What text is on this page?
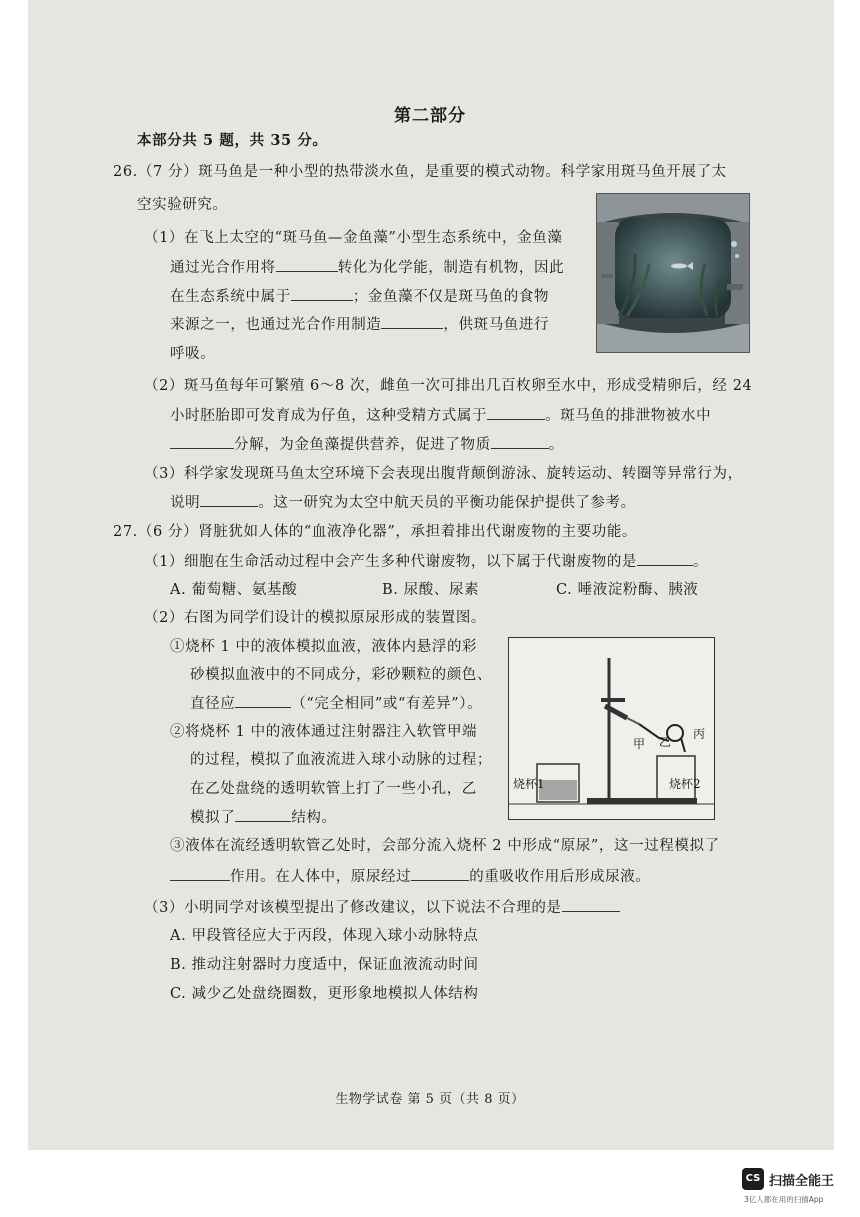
第二部分
本部分共 5 题，共 35 分。
26.（7 分）斑马鱼是一种小型的热带淡水鱼，是重要的模式动物。科学家用斑马鱼开展了太
空实验研究。
（1）在飞上太空的“斑马鱼—金鱼藻”小型生态系统中，金鱼藻
通过光合作用将	转化为化学能，制造有机物，因此
在生态系统中属于	；金鱼藻不仅是斑马鱼的食物
来源之一，也通过光合作用制造	，供斑马鱼进行
呼吸。
（2）斑马鱼每年可繁殖 6～8 次，雌鱼一次可排出几百枚卵至水中，形成受精卵后，经 24
小时胚胎即可发育成为仔鱼，这种受精方式属于	。斑马鱼的排泄物被水中
分解，为金鱼藻提供营养，促进了物质	。
（3）科学家发现斑马鱼太空环境下会表现出腹背颠倒游泳、旋转运动、转圈等异常行为，
说明	。这一研究为太空中航天员的平衡功能保护提供了参考。
27.（6 分）肾脏犹如人体的“血液净化器”，承担着排出代谢废物的主要功能。
（1）细胞在生命活动过程中会产生多种代谢废物，以下属于代谢废物的是	。
A. 葡萄糖、氨基酸	B. 尿酸、尿素	C. 唾液淀粉酶、胰液
（2）右图为同学们设计的模拟原尿形成的装置图。
①烧杯 1 中的液体模拟血液，液体内悬浮的彩
砂模拟血液中的不同成分，彩砂颗粒的颜色、
直径应	（“完全相同”或“有差异”）。
②将烧杯 1 中的液体通过注射器注入软管甲端
的过程，模拟了血液流进入球小动脉的过程；
在乙处盘绕的透明软管上打了一些小孔，乙
模拟了	结构。
甲 乙
丙
烧杯1	烧杯2
③液体在流经透明软管乙处时，会部分流入烧杯 2 中形成“原尿”，这一过程模拟了
作用。在人体中，原尿经过	的重吸收作用后形成尿液。
（3）小明同学对该模型提出了修改建议，以下说法不合理的是
A. 甲段管径应大于丙段，体现入球小动脉特点
B. 推动注射器时力度适中，保证血液流动时间
C. 减少乙处盘绕圈数，更形象地模拟人体结构
生物学试卷 第 5 页（共 8 页）
CS 扫描全能王
3亿人都在用的扫描App
